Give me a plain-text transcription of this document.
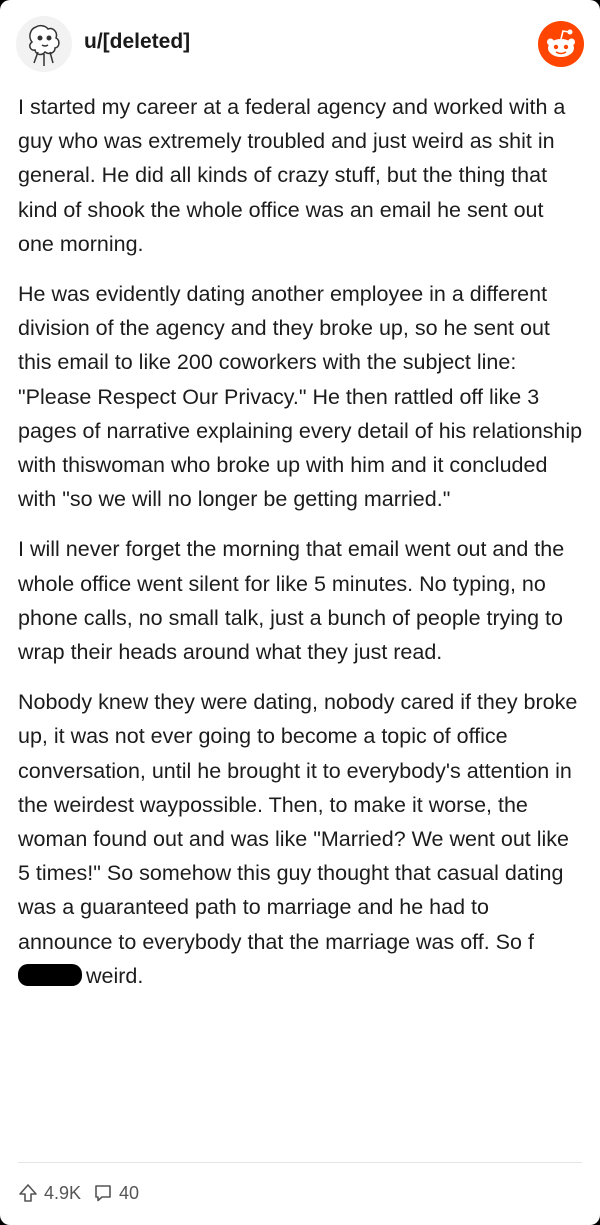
u/[deleted]

I started my career at a federal agency and worked with a guy who was extremely troubled and just weird as shit in general. He did all kinds of crazy stuff, but the thing that kind of shook the whole office was an email he sent out one morning.

He was evidently dating another employee in a different division of the agency and they broke up, so he sent out this email to like 200 coworkers with the subject line: "Please Respect Our Privacy." He then rattled off like 3 pages of narrative explaining every detail of his relationship with thiswoman who broke up with him and it concluded with "so we will no longer be getting married."

I will never forget the morning that email went out and the whole office went silent for like 5 minutes. No typing, no phone calls, no small talk, just a bunch of people trying to wrap their heads around what they just read.

Nobody knew they were dating, nobody cared if they broke up, it was not ever going to become a topic of office conversation, until he brought it to everybody's attention in the weirdest waypossible. Then, to make it worse, the woman found out and was like "Married? We went out like 5 times!" So somehow this guy thought that casual dating was a guaranteed path to marriage and he had to announce to everybody that the marriage was off. So fweird.

4.9K 40
